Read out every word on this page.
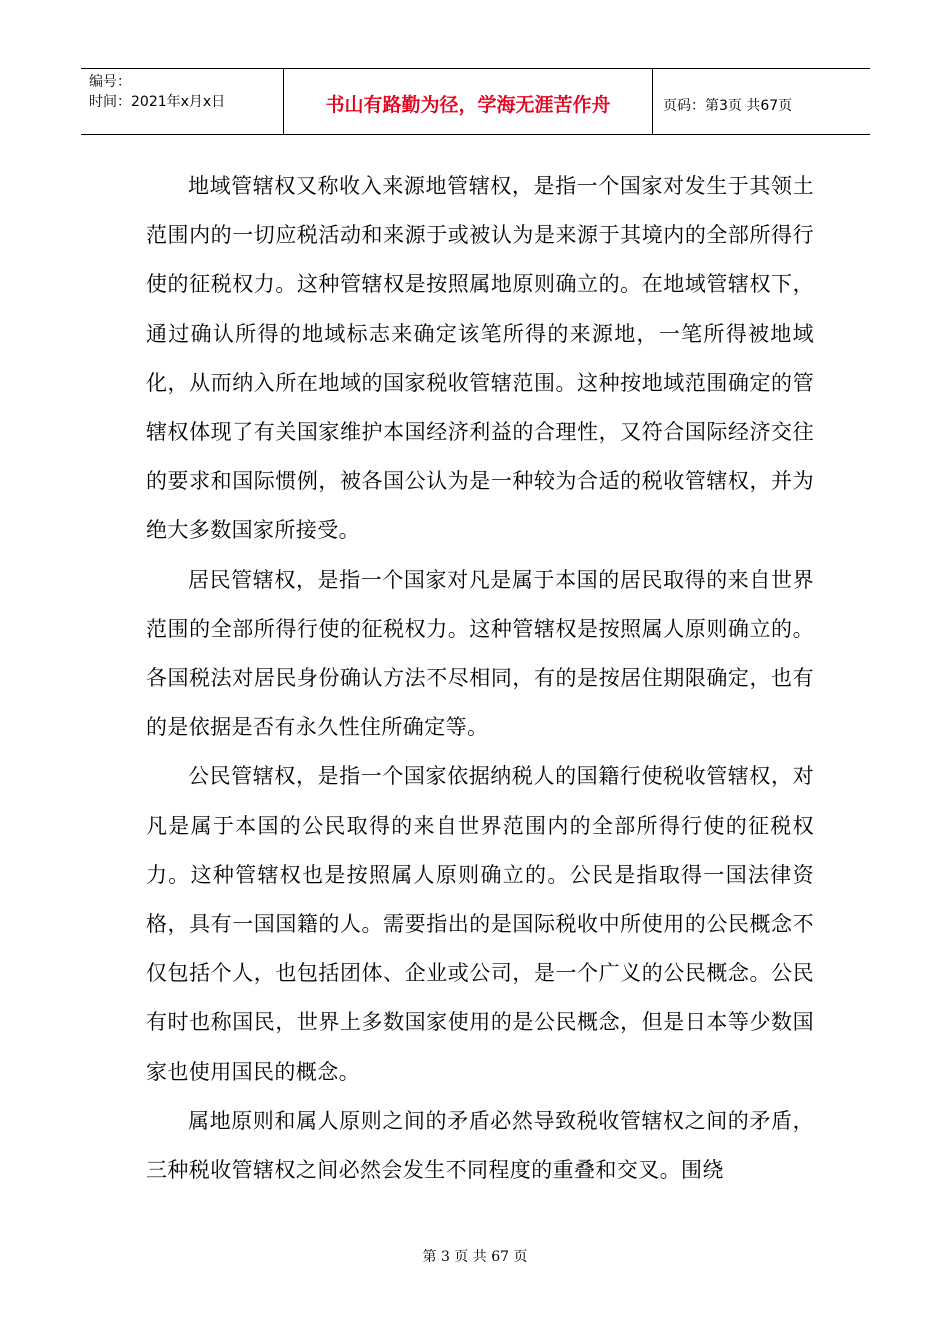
编号：
时间：2021年x月x日	书山有路勤为径，学海无涯苦作舟	页码：第3页 共67页

地域管辖权又称收入来源地管辖权，是指一个国家对发生于其领土范围内的一切应税活动和来源于或被认为是来源于其境内的全部所得行使的征税权力。这种管辖权是按照属地原则确立的。在地域管辖权下，通过确认所得的地域标志来确定该笔所得的来源地，一笔所得被地域化，从而纳入所在地域的国家税收管辖范围。这种按地域范围确定的管辖权体现了有关国家维护本国经济利益的合理性，又符合国际经济交往的要求和国际惯例，被各国公认为是一种较为合适的税收管辖权，并为绝大多数国家所接受。

居民管辖权，是指一个国家对凡是属于本国的居民取得的来自世界范围的全部所得行使的征税权力。这种管辖权是按照属人原则确立的。各国税法对居民身份确认方法不尽相同，有的是按居住期限确定，也有的是依据是否有永久性住所确定等。

公民管辖权，是指一个国家依据纳税人的国籍行使税收管辖权，对凡是属于本国的公民取得的来自世界范围内的全部所得行使的征税权力。这种管辖权也是按照属人原则确立的。公民是指取得一国法律资格，具有一国国籍的人。需要指出的是国际税收中所使用的公民概念不仅包括个人，也包括团体、企业或公司，是一个广义的公民概念。公民有时也称国民，世界上多数国家使用的是公民概念，但是日本等少数国家也使用国民的概念。

属地原则和属人原则之间的矛盾必然导致税收管辖权之间的矛盾，三种税收管辖权之间必然会发生不同程度的重叠和交叉。围绕

第 3 页 共 67 页
